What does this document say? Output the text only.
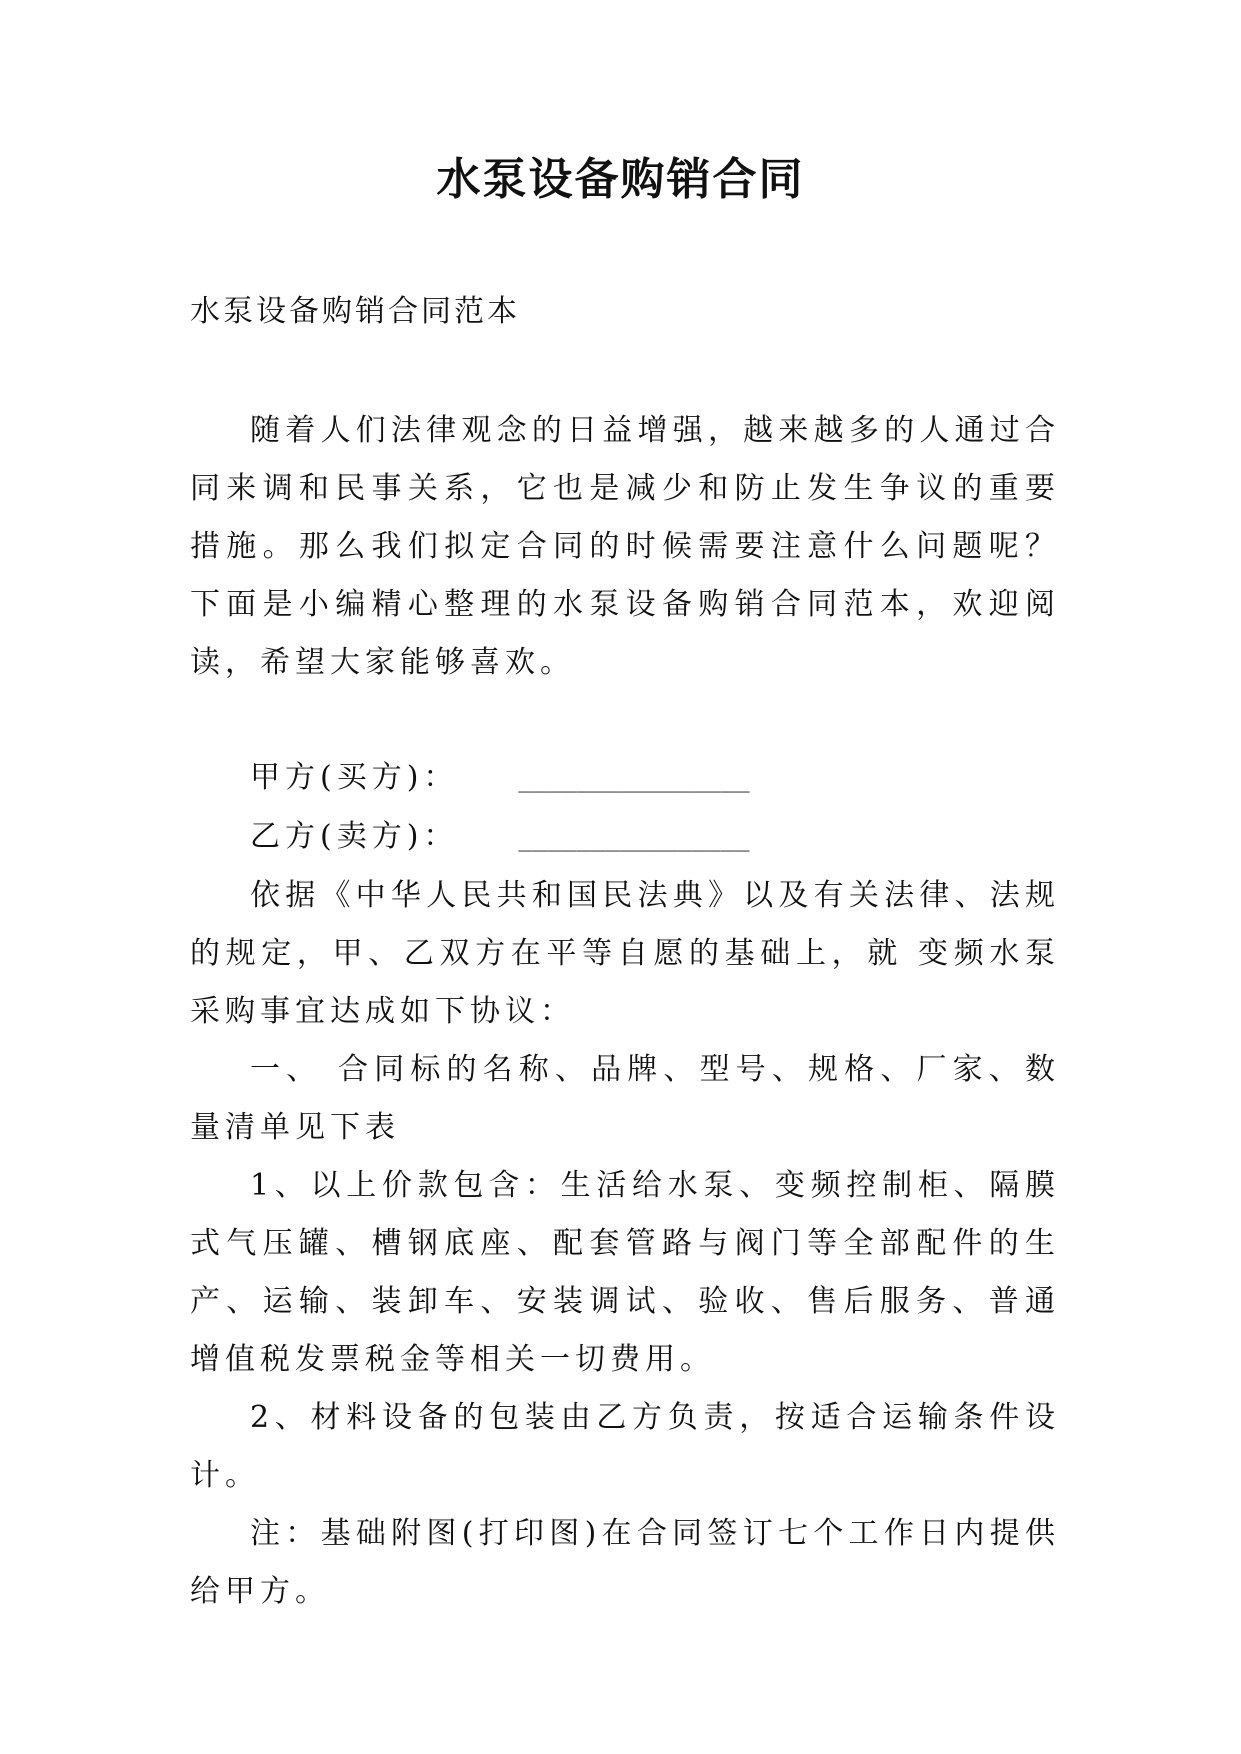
水泵设备购销合同
水泵设备购销合同范本

随着人们法律观念的日益增强，越来越多的人通过合同来调和民事关系，它也是减少和防止发生争议的重要措施。那么我们拟定合同的时候需要注意什么问题呢？下面是小编精心整理的水泵设备购销合同范本，欢迎阅读，希望大家能够喜欢。

甲方(买方)：	________________

乙方(卖方)：	________________

依据《中华人民共和国民法典》以及有关法律、法规的规定，甲、乙双方在平等自愿的基础上，就 变频水泵采购事宜达成如下协议：

一、 合同标的名称、品牌、型号、规格、厂家、数量清单见下表

1、以上价款包含：生活给水泵、变频控制柜、隔膜式气压罐、槽钢底座、配套管路与阀门等全部配件的生产、运输、装卸车、安装调试、验收、售后服务、普通增值税发票税金等相关一切费用。

2、材料设备的包装由乙方负责，按适合运输条件设计。

注：基础附图(打印图)在合同签订七个工作日内提供给甲方。
